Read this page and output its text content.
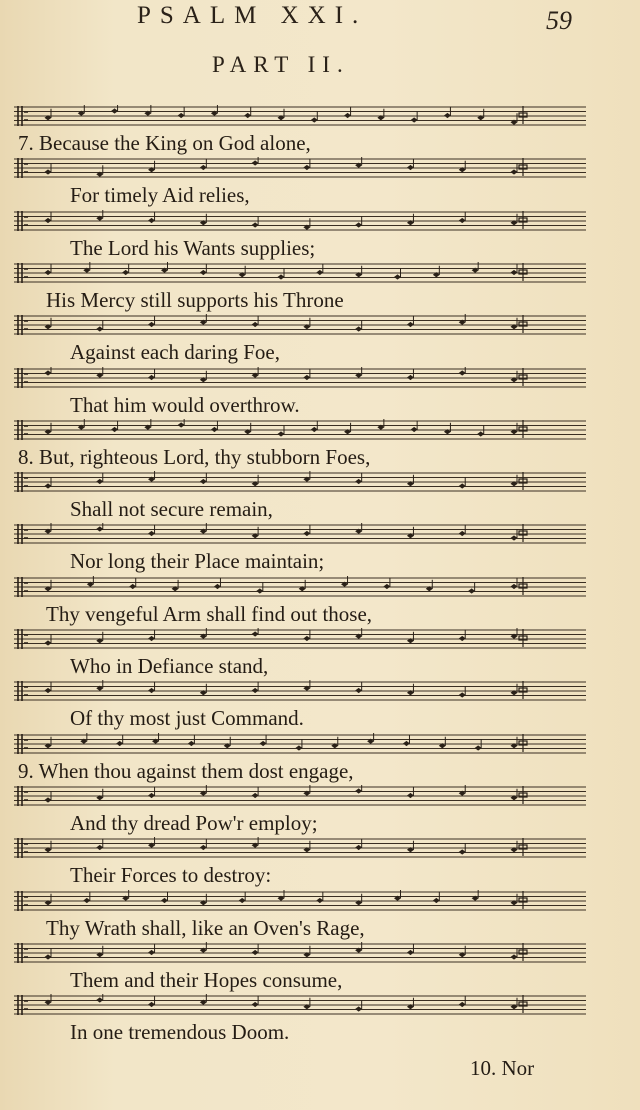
PSALM XXI.	59
PART II.
7. Because the King on God alone,
For timely Aid relies,
The Lord his Wants supplies;
His Mercy still supports his Throne
Against each daring Foe,
That him would overthrow.
8. But, righteous Lord, thy stubborn Foes,
Shall not secure remain,
Nor long their Place maintain;
Thy vengeful Arm shall find out those,
Who in Defiance stand,
Of thy most just Command.
9. When thou against them dost engage,
And thy dread Pow'r employ;
Their Forces to destroy:
Thy Wrath shall, like an Oven's Rage,
Them and their Hopes consume,
In one tremendous Doom.
10. Nor
